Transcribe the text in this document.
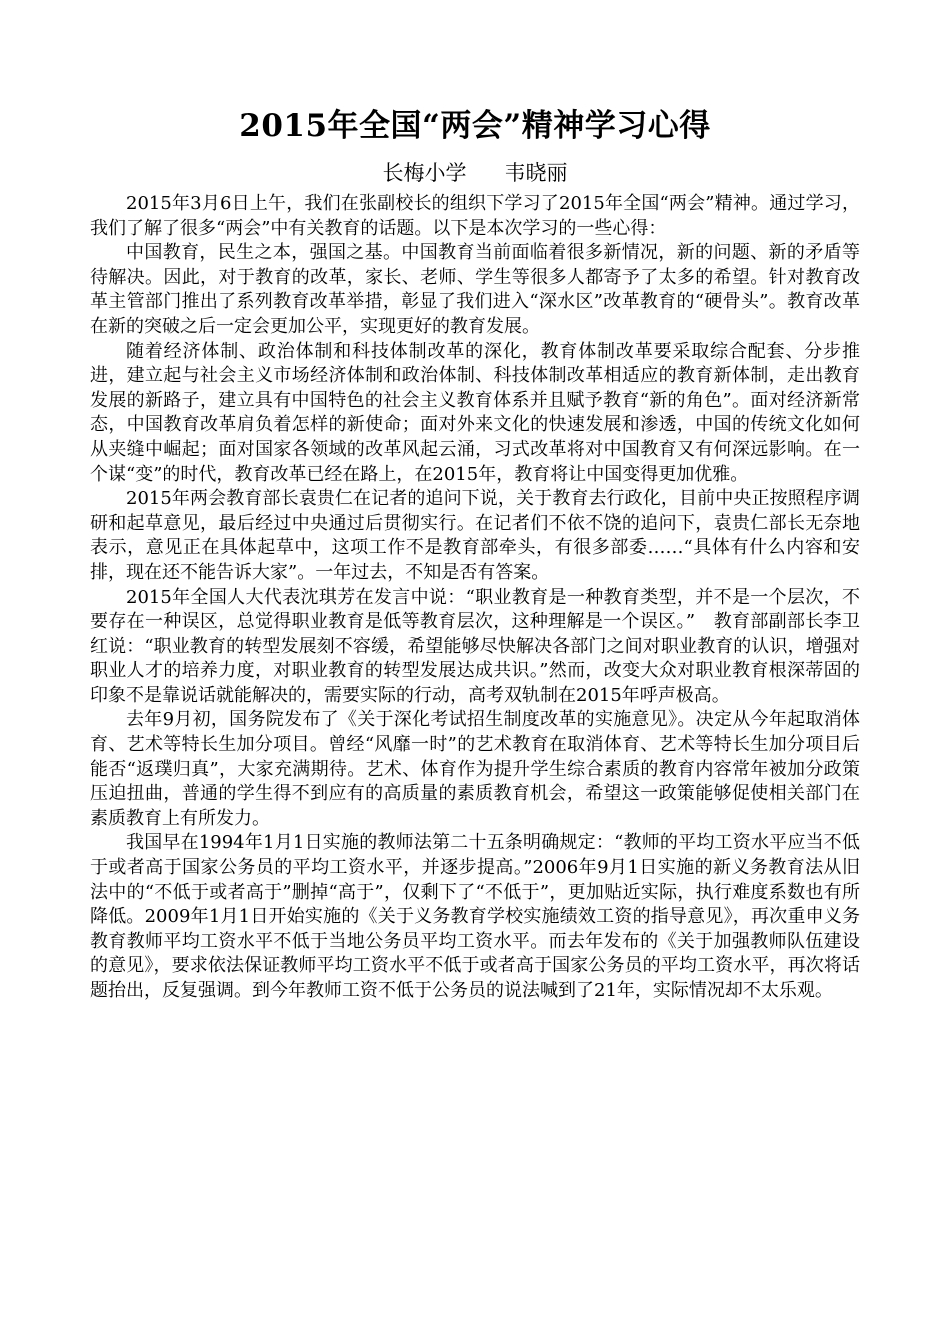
2015年全国“两会”精神学习心得
长梅小学 韦晓丽

2015年3月6日上午，我们在张副校长的组织下学习了2015年全国“两会”精神。通过学习，我们了解了很多“两会”中有关教育的话题。以下是本次学习的一些心得：

中国教育，民生之本，强国之基。中国教育当前面临着很多新情况，新的问题、新的矛盾等待解决。因此，对于教育的改革，家长、老师、学生等很多人都寄予了太多的希望。针对教育改革主管部门推出了系列教育改革举措，彰显了我们进入“深水区”改革教育的“硬骨头”。教育改革在新的突破之后一定会更加公平，实现更好的教育发展。

随着经济体制、政治体制和科技体制改革的深化，教育体制改革要采取综合配套、分步推进，建立起与社会主义市场经济体制和政治体制、科技体制改革相适应的教育新体制，走出教育发展的新路子，建立具有中国特色的社会主义教育体系并且赋予教育“新的角色”。面对经济新常态，中国教育改革肩负着怎样的新使命；面对外来文化的快速发展和渗透，中国的传统文化如何从夹缝中崛起；面对国家各领域的改革风起云涌，习式改革将对中国教育又有何深远影响。在一个谋“变”的时代，教育改革已经在路上，在2015年，教育将让中国变得更加优雅。

2015年两会教育部长袁贵仁在记者的追问下说，关于教育去行政化，目前中央正按照程序调研和起草意见，最后经过中央通过后贯彻实行。在记者们不依不饶的追问下，袁贵仁部长无奈地表示，意见正在具体起草中，这项工作不是教育部牵头，有很多部委……“具体有什么内容和安排，现在还不能告诉大家”。一年过去，不知是否有答案。

2015年全国人大代表沈琪芳在发言中说：“职业教育是一种教育类型，并不是一个层次，不要存在一种误区，总觉得职业教育是低等教育层次，这种理解是一个误区。”　教育部副部长李卫红说：“职业教育的转型发展刻不容缓，希望能够尽快解决各部门之间对职业教育的认识，增强对职业人才的培养力度，对职业教育的转型发展达成共识。”然而，改变大众对职业教育根深蒂固的印象不是靠说话就能解决的，需要实际的行动，高考双轨制在2015年呼声极高。

去年9月初，国务院发布了《关于深化考试招生制度改革的实施意见》。决定从今年起取消体育、艺术等特长生加分项目。曾经“风靡一时”的艺术教育在取消体育、艺术等特长生加分项目后能否“返璞归真”，大家充满期待。艺术、体育作为提升学生综合素质的教育内容常年被加分政策压迫扭曲，普通的学生得不到应有的高质量的素质教育机会，希望这一政策能够促使相关部门在素质教育上有所发力。

我国早在1994年1月1日实施的教师法第二十五条明确规定：“教师的平均工资水平应当不低于或者高于国家公务员的平均工资水平，并逐步提高。”2006年9月1日实施的新义务教育法从旧法中的“不低于或者高于”删掉“高于”，仅剩下了“不低于”，更加贴近实际，执行难度系数也有所降低。2009年1月1日开始实施的《关于义务教育学校实施绩效工资的指导意见》，再次重申义务教育教师平均工资水平不低于当地公务员平均工资水平。而去年发布的《关于加强教师队伍建设的意见》，要求依法保证教师平均工资水平不低于或者高于国家公务员的平均工资水平，再次将话题抬出，反复强调。到今年教师工资不低于公务员的说法喊到了21年，实际情况却不太乐观。
